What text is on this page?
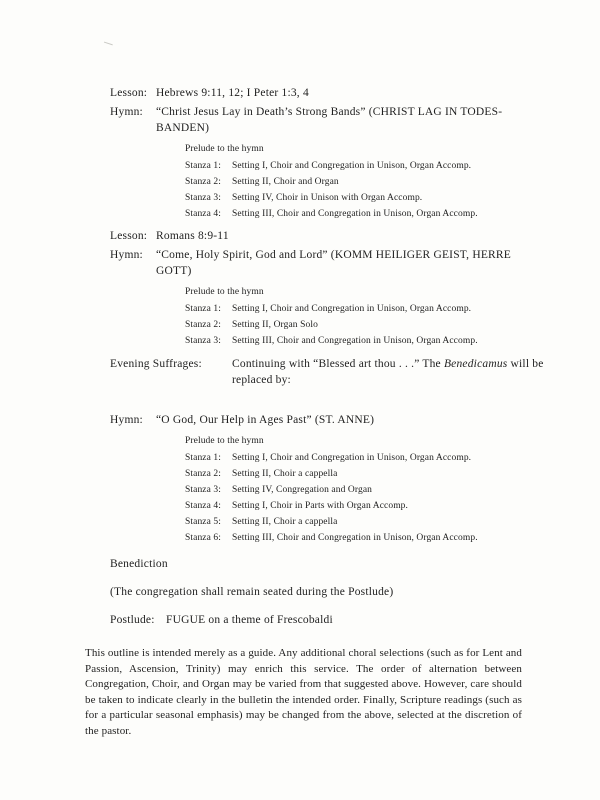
Lesson: Hebrews 9:11, 12; I Peter 1:3, 4
Hymn:	“Christ Jesus Lay in Death’s Strong Bands” (CHRIST LAG IN TODES-
BANDEN)
Prelude to the hymn
Stanza 1:	Setting I, Choir and Congregation in Unison, Organ Accomp.
Stanza 2:	Setting II, Choir and Organ
Stanza 3:	Setting IV, Choir in Unison with Organ Accomp.
Stanza 4:	Setting III, Choir and Congregation in Unison, Organ Accomp.
Lesson: Romans 8:9-11
Hymn:	“Come, Holy Spirit, God and Lord” (KOMM HEILIGER GEIST, HERRE
GOTT)
Prelude to the hymn
Stanza 1:	Setting I, Choir and Congregation in Unison, Organ Accomp.
Stanza 2:	Setting II, Organ Solo
Stanza 3:	Setting III, Choir and Congregation in Unison, Organ Accomp.
Evening Suffrages:	Continuing with “Blessed art thou . . .” The Benedicamus will be
replaced by:
Hymn:	“O God, Our Help in Ages Past” (ST. ANNE)
Prelude to the hymn
Stanza 1:	Setting I, Choir and Congregation in Unison, Organ Accomp.
Stanza 2:	Setting II, Choir a cappella
Stanza 3:	Setting IV, Congregation and Organ
Stanza 4:	Setting I, Choir in Parts with Organ Accomp.
Stanza 5:	Setting II, Choir a cappella
Stanza 6:	Setting III, Choir and Congregation in Unison, Organ Accomp.
Benediction
(The congregation shall remain seated during the Postlude)
Postlude: FUGUE on a theme of Frescobaldi

This outline is intended merely as a guide. Any additional choral selections (such as for Lent and Passion, Ascension, Trinity) may enrich this service. The order of alternation between Congregation, Choir, and Organ may be varied from that suggested above. However, care should be taken to indicate clearly in the bulletin the intended order. Finally, Scripture readings (such as for a particular seasonal emphasis) may be changed from the above, selected at the discretion of the pastor.
